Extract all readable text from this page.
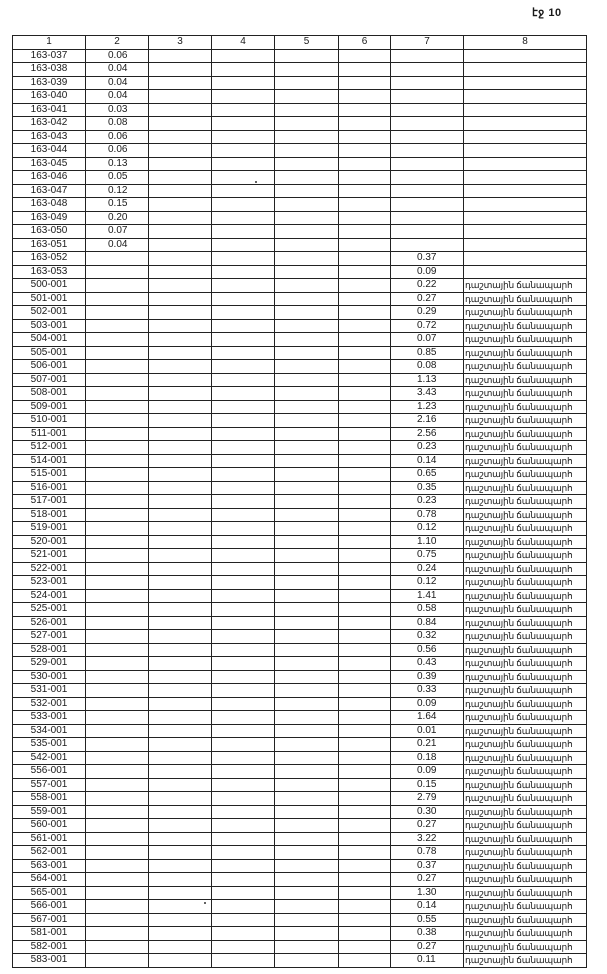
էջ 10
1	2	3	4	5	6	7	8
163-037	0.06						
163-038	0.04						
163-039	0.04						
163-040	0.04						
163-041	0.03						
163-042	0.08						
163-043	0.06						
163-044	0.06						
163-045	0.13						
163-046	0.05						
163-047	0.12						
163-048	0.15						
163-049	0.20						
163-050	0.07						
163-051	0.04						
163-052						0.37	
163-053						0.09	
500-001						0.22	դաշտային ճանապարհ
501-001						0.27	դաշտային ճանապարհ
502-001						0.29	դաշտային ճանապարհ
503-001						0.72	դաշտային ճանապարհ
504-001						0.07	դաշտային ճանապարհ
505-001						0.85	դաշտային ճանապարհ
506-001						0.08	դաշտային ճանապարհ
507-001						1.13	դաշտային ճանապարհ
508-001						3.43	դաշտային ճանապարհ
509-001						1.23	դաշտային ճանապարհ
510-001						2.16	դաշտային ճանապարհ
511-001						2.56	դաշտային ճանապարհ
512-001						0.23	դաշտային ճանապարհ
514-001						0.14	դաշտային ճանապարհ
515-001						0.65	դաշտային ճանապարհ
516-001						0.35	դաշտային ճանապարհ
517-001						0.23	դաշտային ճանապարհ
518-001						0.78	դաշտային ճանապարհ
519-001						0.12	դաշտային ճանապարհ
520-001						1.10	դաշտային ճանապարհ
521-001						0.75	դաշտային ճանապարհ
522-001						0.24	դաշտային ճանապարհ
523-001						0.12	դաշտային ճանապարհ
524-001						1.41	դաշտային ճանապարհ
525-001						0.58	դաշտային ճանապարհ
526-001						0.84	դաշտային ճանապարհ
527-001						0.32	դաշտային ճանապարհ
528-001						0.56	դաշտային ճանապարհ
529-001						0.43	դաշտային ճանապարհ
530-001						0.39	դաշտային ճանապարհ
531-001						0.33	դաշտային ճանապարհ
532-001						0.09	դաշտային ճանապարհ
533-001						1.64	դաշտային ճանապարհ
534-001						0.01	դաշտային ճանապարհ
535-001						0.21	դաշտային ճանապարհ
542-001						0.18	դաշտային ճանապարհ
556-001						0.09	դաշտային ճանապարհ
557-001						0.15	դաշտային ճանապարհ
558-001						2.79	դաշտային ճանապարհ
559-001						0.30	դաշտային ճանապարհ
560-001						0.27	դաշտային ճանապարհ
561-001						3.22	դաշտային ճանապարհ
562-001						0.78	դաշտային ճանապարհ
563-001						0.37	դաշտային ճանապարհ
564-001						0.27	դաշտային ճանապարհ
565-001						1.30	դաշտային ճանապարհ
566-001						0.14	դաշտային ճանապարհ
567-001						0.55	դաշտային ճանապարհ
581-001						0.38	դաշտային ճանապարհ
582-001						0.27	դաշտային ճանապարհ
583-001						0.11	դաշտային ճանապարհ
